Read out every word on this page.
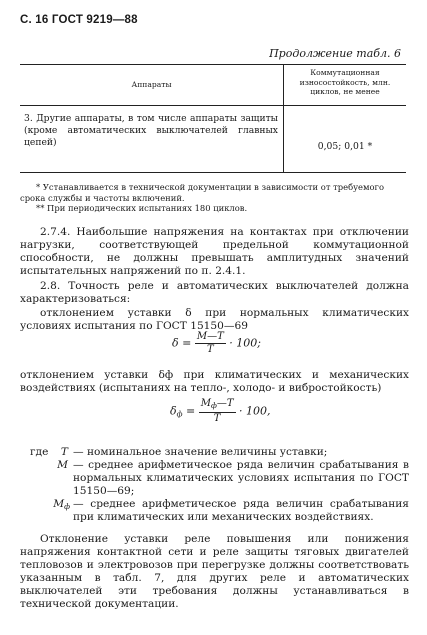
С. 16 ГОСТ 9219—88
Продолжение табл. 6
Аппараты
Коммутационная
износостойкость, млн.
циклов, не менее
3. Другие аппараты, в том числе аппараты защиты (кроме автоматических выключателей главных цепей)	0,05; 0,01 *
* Устанавливается в технической документации в зависимости от требуемого срока службы и частоты включений.
** При периодических испытаниях 180 циклов.
2.7.4. Наибольшие напряжения на контактах при отключении нагрузки, соответствующей предельной коммутационной способности, не должны превышать амплитудных значений испытательных напряжений по п. 2.4.1.
2.8. Точность реле и автоматических выключателей должна характеризоваться:
отклонением уставки δ при нормальных климатических условиях испытания по ГОСТ 15150—69
$\delta = \frac{M—T}{T} \cdot 100$;
отклонением уставки δф при климатических и механических воздействиях (испытаниях на тепло-, холодо- и вибростойкость)
$\delta_ф = \frac{M_ф—T}{T} \cdot 100$,
где T — номинальное значение величины уставки;
M — среднее арифметическое ряда величин срабатывания в нормальных климатических условиях испытания по ГОСТ 15150—69;
$M_ф$ — среднее арифметическое ряда величин срабатывания при климатических или механических воздействиях.
Отклонение уставки реле повышения или понижения напряжения контактной сети и реле защиты тяговых двигателей тепловозов и электровозов при перегрузке должны соответствовать указанным в табл. 7, для других реле и автоматических выключателей эти требования должны устанавливаться в технической документации.
